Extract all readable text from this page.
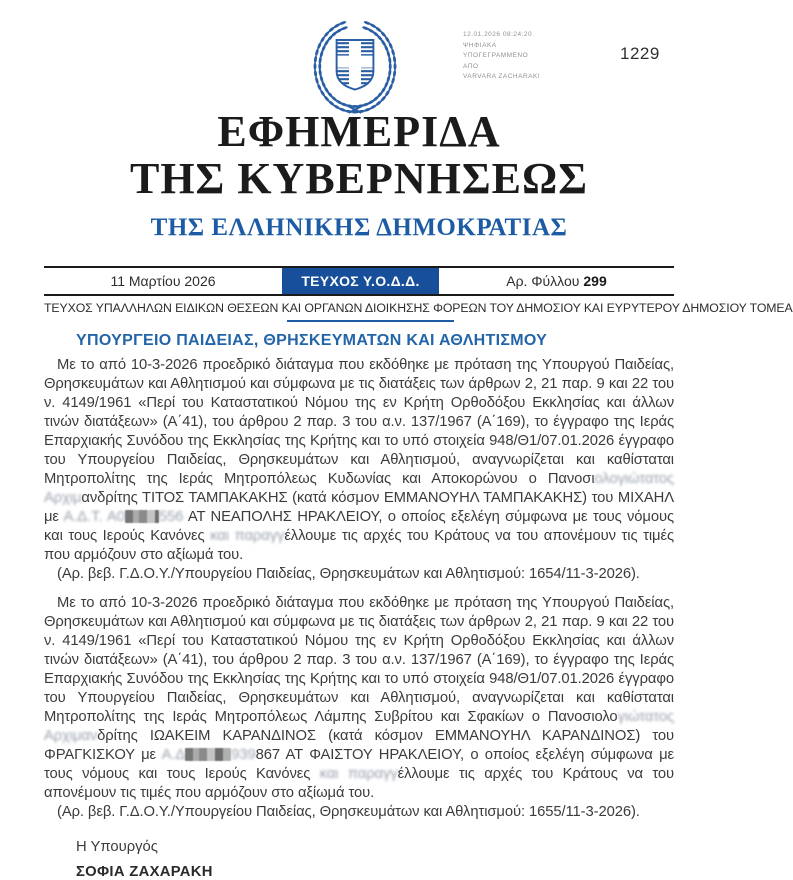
12.01.2026 08:24:20
ΨΗΦΙΑΚΑ
ΥΠΟΓΕΓΡΑΜΜΕΝΟ
ΑΠΟ
VARVARA ZACHARAKI
1229
ΕΦΗΜΕΡΙΔΑ
ΤΗΣ ΚΥΒΕΡΝΗΣΕΩΣ
ΤΗΣ ΕΛΛΗΝΙΚΗΣ ΔΗΜΟΚΡΑΤΙΑΣ
11 Μαρτίου 2026	ΤΕΥΧΟΣ Υ.Ο.Δ.Δ.	Αρ. Φύλλου 299
ΤΕΥΧΟΣ ΥΠΑΛΛΗΛΩΝ ΕΙΔΙΚΩΝ ΘΕΣΕΩΝ ΚΑΙ ΟΡΓΑΝΩΝ ΔΙΟΙΚΗΣΗΣ ΦΟΡΕΩΝ ΤΟΥ ΔΗΜΟΣΙΟΥ ΚΑΙ ΕΥΡΥΤΕΡΟΥ ΔΗΜΟΣΙΟΥ ΤΟΜΕΑ
ΥΠΟΥΡΓΕΙΟ ΠΑΙΔΕΙΑΣ, ΘΡΗΣΚΕΥΜΑΤΩΝ ΚΑΙ ΑΘΛΗΤΙΣΜΟΥ

Με το από 10-3-2026 προεδρικό διάταγμα που εκδόθηκε με πρόταση της Υπουργού Παιδείας, Θρησκευμάτων και Αθλητισμού και σύμφωνα με τις διατάξεις των άρθρων 2, 21 παρ. 9 και 22 του ν. 4149/1961 «Περί του Καταστατικού Νόμου της εν Κρήτη Ορθοδόξου Εκκλησίας και άλλων τινών διατάξεων» (Α΄41), του άρθρου 2 παρ. 3 του α.ν. 137/1967 (Α΄169), το έγγραφο της Ιεράς Επαρχιακής Συνόδου της Εκκλησίας της Κρήτης και το υπό στοιχεία 948/Θ1/07.01.2026 έγγραφο του Υπουργείου Παιδείας, Θρησκευμάτων και Αθλητισμού, αναγνωρίζεται και καθίσταται Μητροπολίτης της Ιεράς Μητροπόλεως Κυδωνίας και Αποκορώνου ο Πανοσιολογιώτατος Αρχιμανδρίτης ΤΙΤΟΣ ΤΑΜΠΑΚΑΚΗΣ (κατά κόσμον ΕΜΜΑΝΟΥΗΛ ΤΑΜΠΑΚΑΚΗΣ) του ΜΙΧΑΗΛ με Α.Δ.Τ. Α0 556 ΑΤ ΝΕΑΠΟΛΗΣ ΗΡΑΚΛΕΙΟΥ, ο οποίος εξελέγη σύμφωνα με τους νόμους και τους Ιερούς Κανόνες και παραγγέλλουμε τις αρχές του Κράτους να του απονέμουν τις τιμές που αρμόζουν στο αξίωμά του.

(Αρ. βεβ. Γ.Δ.Ο.Υ./Υπουργείου Παιδείας, Θρησκευμάτων και Αθλητισμού: 1654/11-3-2026).

Με το από 10-3-2026 προεδρικό διάταγμα που εκδόθηκε με πρόταση της Υπουργού Παιδείας, Θρησκευμάτων και Αθλητισμού και σύμφωνα με τις διατάξεις των άρθρων 2, 21 παρ. 9 και 22 του ν. 4149/1961 «Περί του Καταστατικού Νόμου της εν Κρήτη Ορθοδόξου Εκκλησίας και άλλων τινών διατάξεων» (Α΄41), του άρθρου 2 παρ. 3 του α.ν. 137/1967 (Α΄169), το έγγραφο της Ιεράς Επαρχιακής Συνόδου της Εκκλησίας της Κρήτης και το υπό στοιχεία 948/Θ1/07.01.2026 έγγραφο του Υπουργείου Παιδείας, Θρησκευμάτων και Αθλητισμού, αναγνωρίζεται και καθίσταται Μητροπολίτης της Ιεράς Μητροπόλεως Λάμπης Συβρίτου και Σφακίων ο Πανοσιολογιώτατος Αρχιμανδρίτης ΙΩΑΚΕΙΜ ΚΑΡΑΝΔΙΝΟΣ (κατά κόσμον ΕΜΜΑΝΟΥΗΛ ΚΑΡΑΝΔΙΝΟΣ) του ΦΡΑΓΚΙΣΚΟΥ με Α.Δ	939867 ΑΤ ΦΑΙΣΤΟΥ ΗΡΑΚΛΕΙΟΥ, ο οποίος εξελέγη σύμφωνα με τους νόμους και τους Ιερούς Κανόνες και παραγγέλλουμε τις αρχές του Κράτους να του απονέμουν τις τιμές που αρμόζουν στο αξίωμά του.

(Αρ. βεβ. Γ.Δ.Ο.Υ./Υπουργείου Παιδείας, Θρησκευμάτων και Αθλητισμού: 1655/11-3-2026).

Η Υπουργός

ΣΟΦΙΑ ΖΑΧΑΡΑΚΗ
